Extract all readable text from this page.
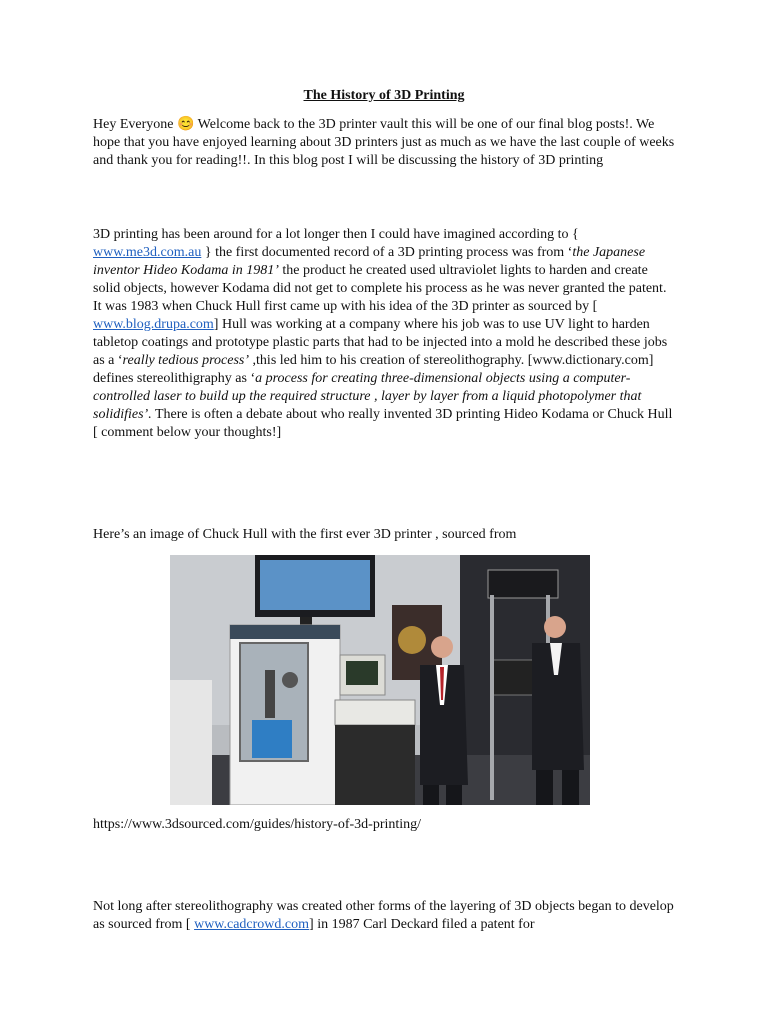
The History of 3D Printing

Hey Everyone 😊 Welcome back to the 3D printer vault this will be one of our final blog posts!. We hope that you have enjoyed learning about 3D printers just as much as we have the last couple of weeks and thank you for reading!!. In this blog post I will be discussing the history of 3D printing

3D printing has been around for a lot longer then I could have imagined according to { www.me3d.com.au } the first documented record of a 3D printing process was from ‘the Japanese inventor Hideo Kodama in 1981’ the product he created used ultraviolet lights to harden and create solid objects, however Kodama did not get to complete his process as he was never granted the patent. It was 1983 when Chuck Hull first came up with his idea of the 3D printer as sourced by [ www.blog.drupa.com] Hull was working at a company where his job was to use UV light to harden tabletop coatings and prototype plastic parts that had to be injected into a mold he described these jobs as a ‘really tedious process’ ,this led him to his creation of stereolithography. [www.dictionary.com] defines stereolithigraphy as ‘a process for creating three-dimensional objects using a computer-controlled laser to build up the required structure , layer by layer from a liquid photopolymer that solidifies’. There is often a debate about who really invented 3D printing Hideo Kodama or Chuck Hull [ comment below your thoughts!]

Here’s an image of Chuck Hull with the first ever 3D printer , sourced from

https://www.3dsourced.com/guides/history-of-3d-printing/

Not long after stereolithography was created other forms of the layering of 3D objects began to develop as sourced from [ www.cadcrowd.com] in 1987 Carl Deckard filed a patent for
